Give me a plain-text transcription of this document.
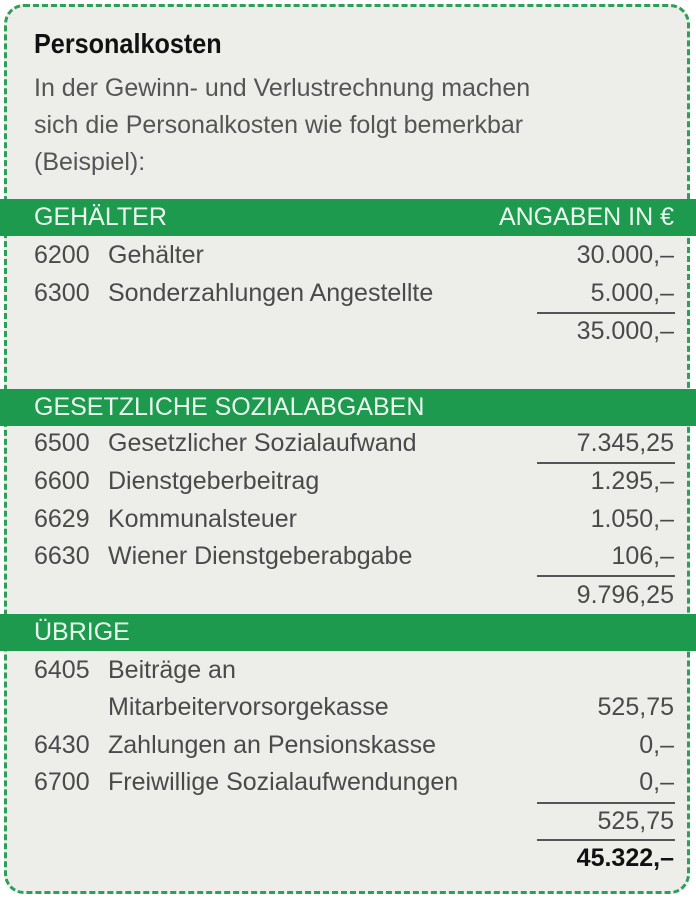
Personalkosten
In der Gewinn- und Verlustrechnung machen
sich die Personalkosten wie folgt bemerkbar
(Beispiel):
GEHÄLTER	ANGABEN IN €
6200 Gehälter	30.000,–
6300 Sonderzahlungen Angestellte	5.000,–
35.000,–
GESETZLICHE SOZIALABGABEN
6500 Gesetzlicher Sozialaufwand	7.345,25
6600 Dienstgeberbeitrag	1.295,–
6629 Kommunalsteuer	1.050,–
6630 Wiener Dienstgeberabgabe	106,–
9.796,25
ÜBRIGE
6405 Beiträge an
Mitarbeitervorsorgekasse	525,75
6430 Zahlungen an Pensionskasse	0,–
6700 Freiwillige Sozialaufwendungen	0,–
525,75
45.322,–
